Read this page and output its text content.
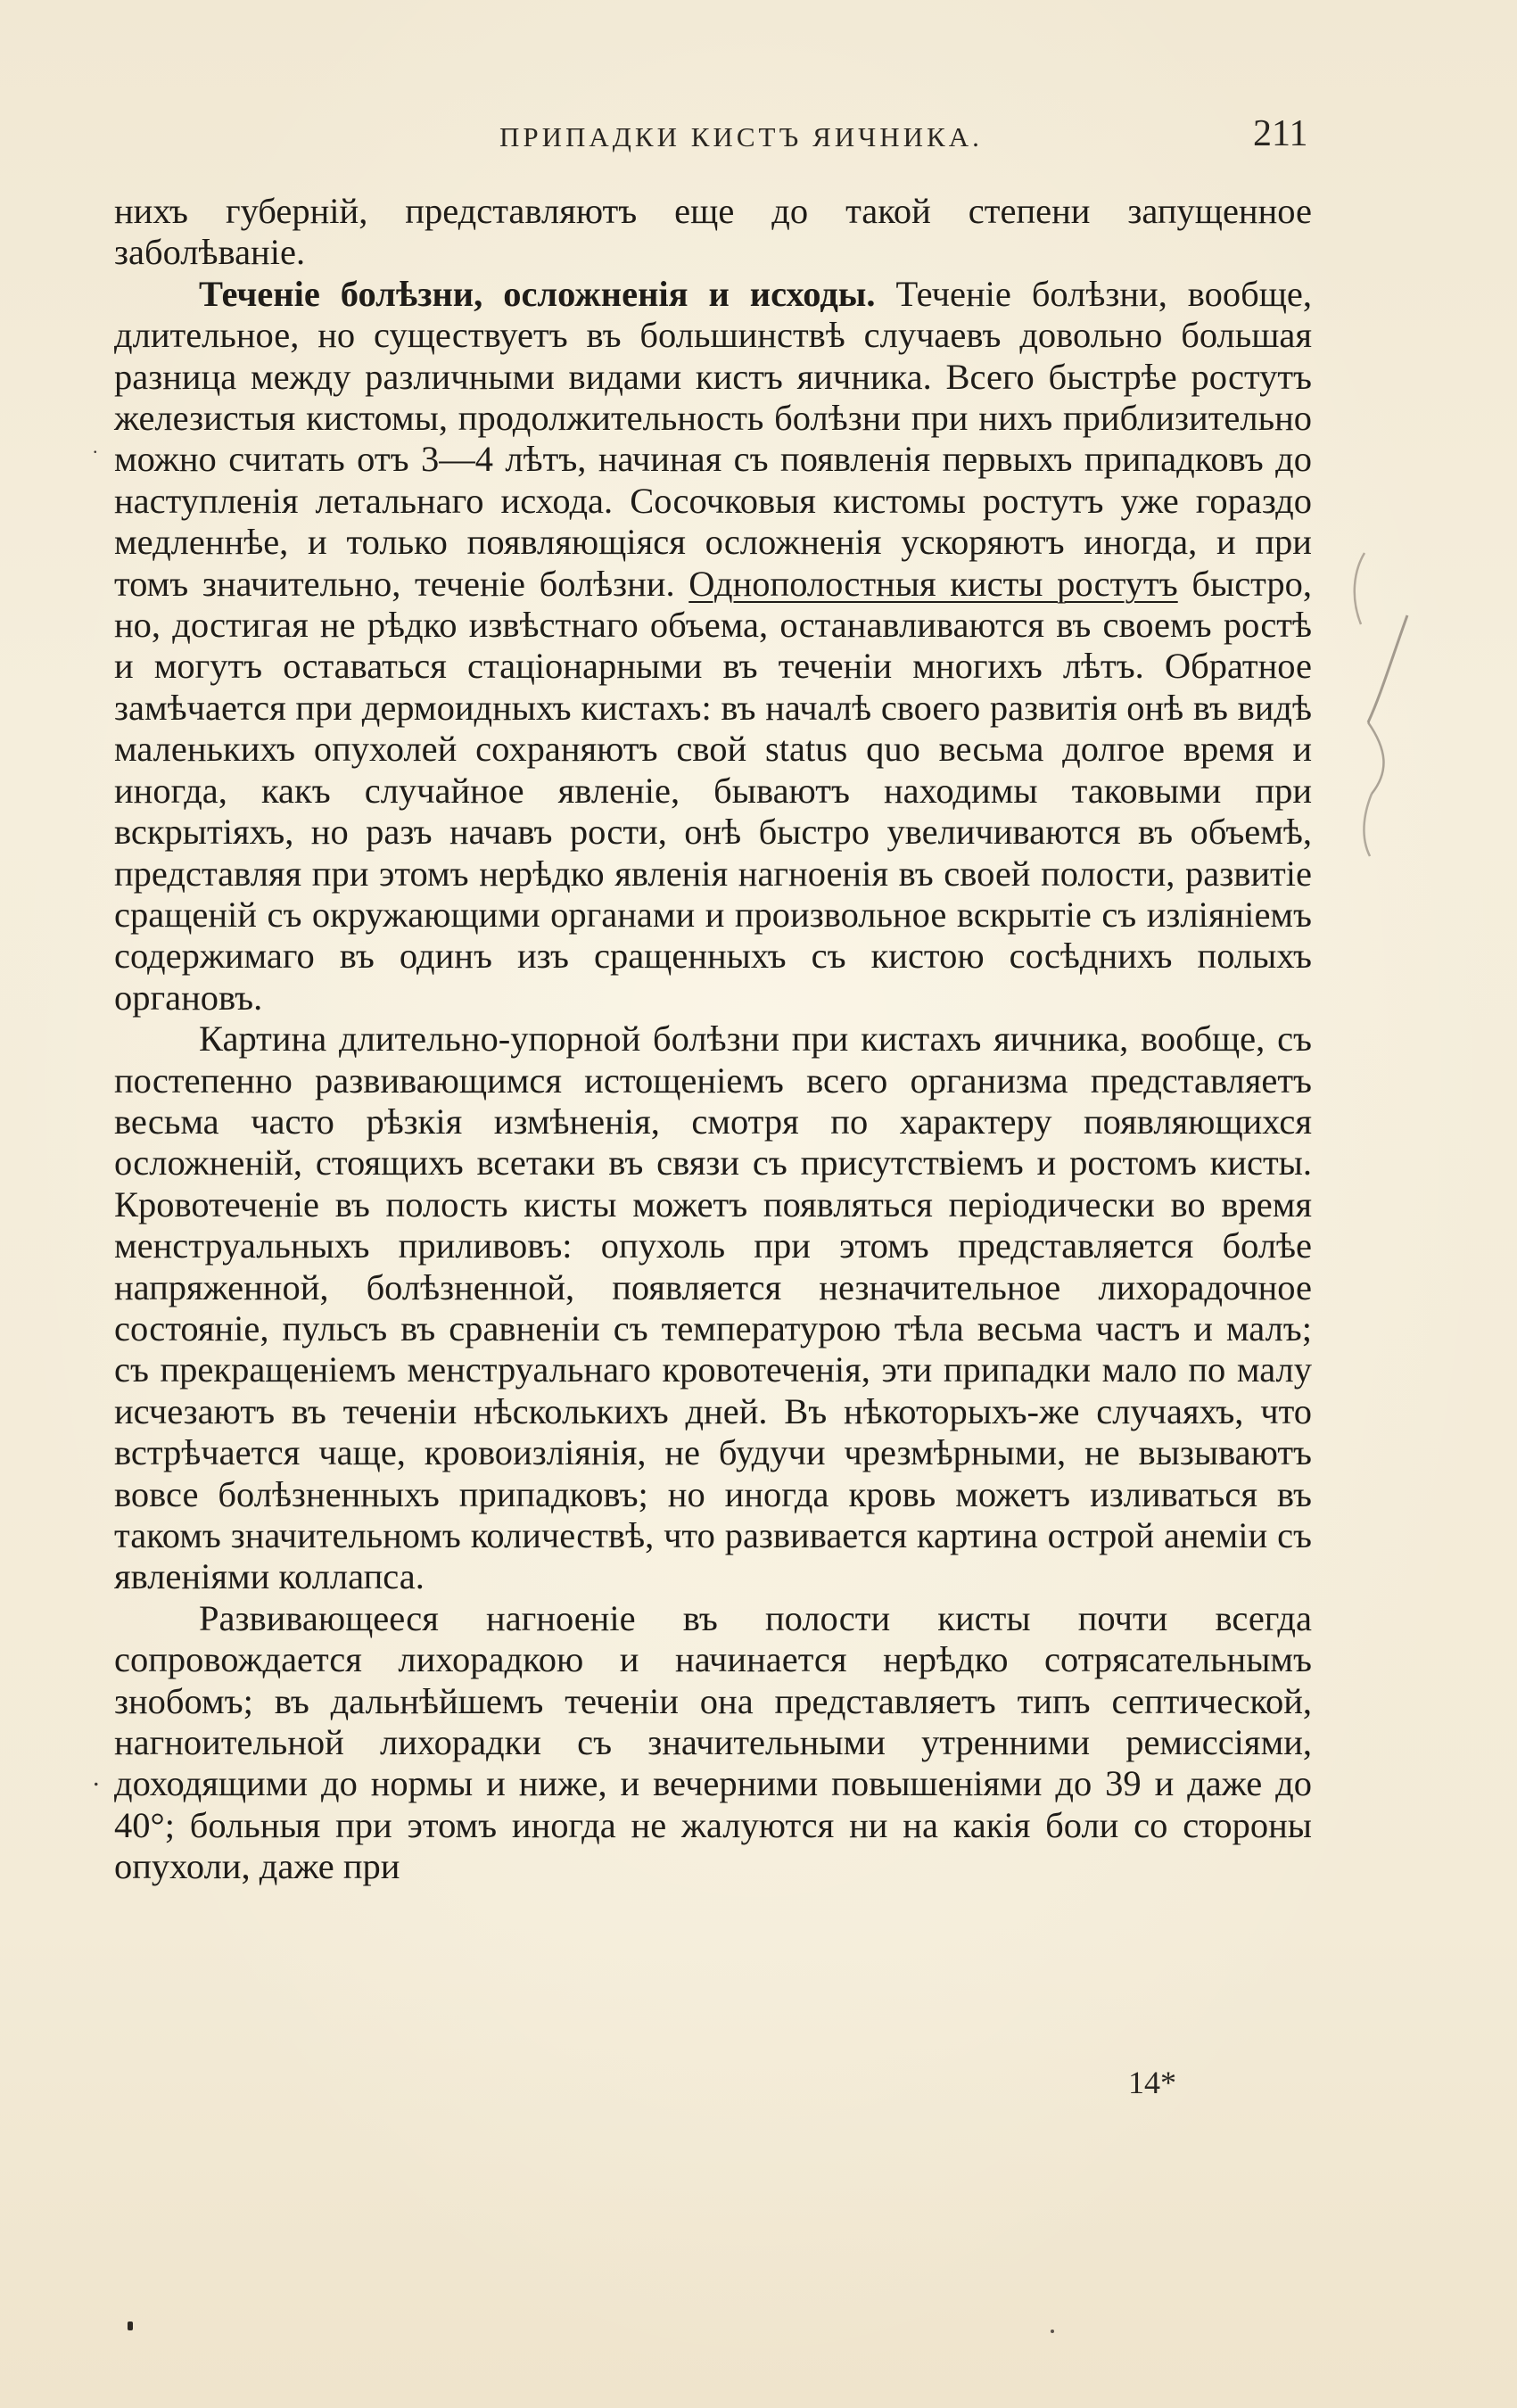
ПРИПАДКИ КИСТЪ ЯИЧНИКА.	211

нихъ губерній, представляютъ еще до такой степени запущенное заболѣваніе.

Теченіе болѣзни, осложненія и исходы. Теченіе болѣзни, вообще, длительное, но существуетъ въ большинствѣ случаевъ довольно большая разница между различными видами кистъ яичника. Всего быстрѣе ростутъ железистыя кистомы, продолжительность болѣзни при нихъ приблизительно можно считать отъ 3—4 лѣтъ, начиная съ появленія первыхъ припадковъ до наступленія летальнаго исхода. Сосочковыя кистомы ростутъ уже гораздо медленнѣе, и только появляющіяся осложненія ускоряютъ иногда, и при томъ значительно, теченіе болѣзни. Однополостныя кисты ростутъ быстро, но, достигая не рѣдко извѣстнаго объема, останавливаются въ своемъ ростѣ и могутъ оставаться стаціонарными въ теченіи многихъ лѣтъ. Обратное замѣчается при дермоидныхъ кистахъ: въ началѣ своего развитія онѣ въ видѣ маленькихъ опухолей сохраняютъ свой status quo весьма долгое время и иногда, какъ случайное явленіе, бываютъ находимы таковыми при вскрытіяхъ, но разъ начавъ рости, онѣ быстро увеличиваются въ объемѣ, представляя при этомъ нерѣдко явленія нагноенія въ своей полости, развитіе сращеній съ окружающими органами и произвольное вскрытіе съ изліяніемъ содержимаго въ одинъ изъ сращенныхъ съ кистою сосѣднихъ полыхъ органовъ.

Картина длительно-упорной болѣзни при кистахъ яичника, вообще, съ постепенно развивающимся истощеніемъ всего организма представляетъ весьма часто рѣзкія измѣненія, смотря по характеру появляющихся осложненій, стоящихъ всетаки въ связи съ присутствіемъ и ростомъ кисты. Кровотеченіе въ полость кисты можетъ появляться періодически во время менструальныхъ приливовъ: опухоль при этомъ представляется болѣе напряженной, болѣзненной, появляется незначительное лихорадочное состояніе, пульсъ въ сравненіи съ температурою тѣла весьма частъ и малъ; съ прекращеніемъ менструальнаго кровотеченія, эти припадки мало по малу исчезаютъ въ теченіи нѣсколькихъ дней. Въ нѣкоторыхъ-же случаяхъ, что встрѣчается чаще, кровоизліянія, не будучи чрезмѣрными, не вызываютъ вовсе болѣзненныхъ припадковъ; но иногда кровь можетъ изливаться въ такомъ значительномъ количествѣ, что развивается картина острой анеміи съ явленіями коллапса.

Развивающееся нагноеніе въ полости кисты почти всегда сопровождается лихорадкою и начинается нерѣдко сотрясательнымъ знобомъ; въ дальнѣйшемъ теченіи она представляетъ типъ септической, нагноительной лихорадки съ значительными утренними ремиссіями, доходящими до нормы и ниже, и вечерними повышеніями до 39 и даже до 40°; больныя при этомъ иногда не жалуются ни на какія боли со стороны опухоли, даже при

14*
.
.
